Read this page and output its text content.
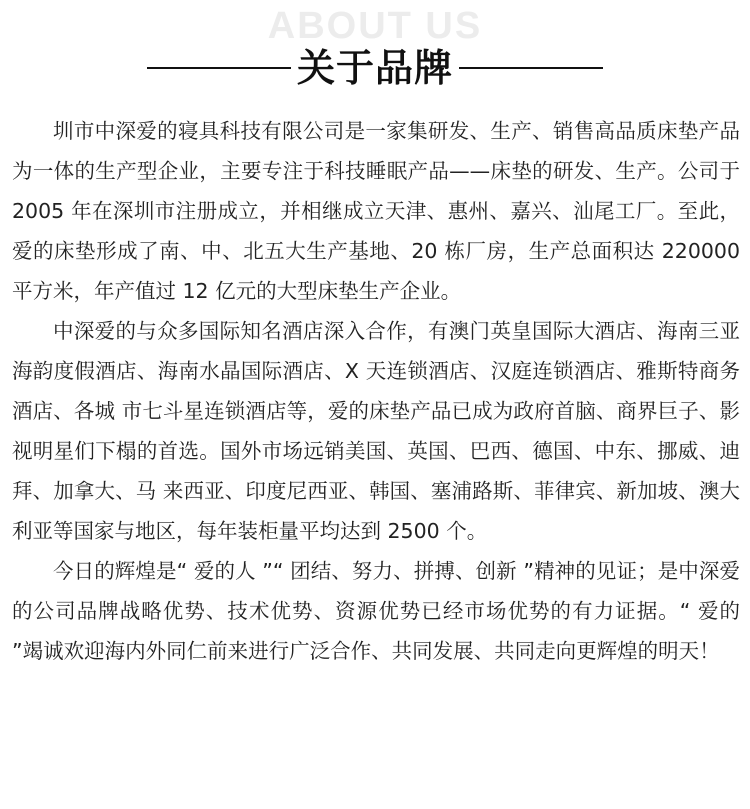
ABOUT US
关于品牌

圳市中深爱的寝具科技有限公司是一家集研发、生产、销售高品质床垫产品为一体的生产型企业，主要专注于科技睡眠产品——床垫的研发、生产。公司于 2005 年在深圳市注册成立，并相继成立天津、惠州、嘉兴、汕尾工厂。至此，爱的床垫形成了南、中、北五大生产基地、20 栋厂房，生产总面积达 220000 平方米，年产值过 12 亿元的大型床垫生产企业。

中深爱的与众多国际知名酒店深入合作，有澳门英皇国际大酒店、海南三亚海韵度假酒店、海南水晶国际酒店、X 天连锁酒店、汉庭连锁酒店、雅斯特商务酒店、各城 市七斗星连锁酒店等，爱的床垫产品已成为政府首脑、商界巨子、影视明星们下榻的首选。国外市场远销美国、英国、巴西、德国、中东、挪威、迪拜、加拿大、马 来西亚、印度尼西亚、韩国、塞浦路斯、菲律宾、新加坡、澳大利亚等国家与地区，每年装柜量平均达到 2500 个。

今日的辉煌是“ 爱的人 ”“ 团结、努力、拼搏、创新 ”精神的见证；是中深爱的公司品牌战略优势、技术优势、资源优势已经市场优势的有力证据。“ 爱的 ”竭诚欢迎海内外同仁前来进行广泛合作、共同发展、共同走向更辉煌的明天！
